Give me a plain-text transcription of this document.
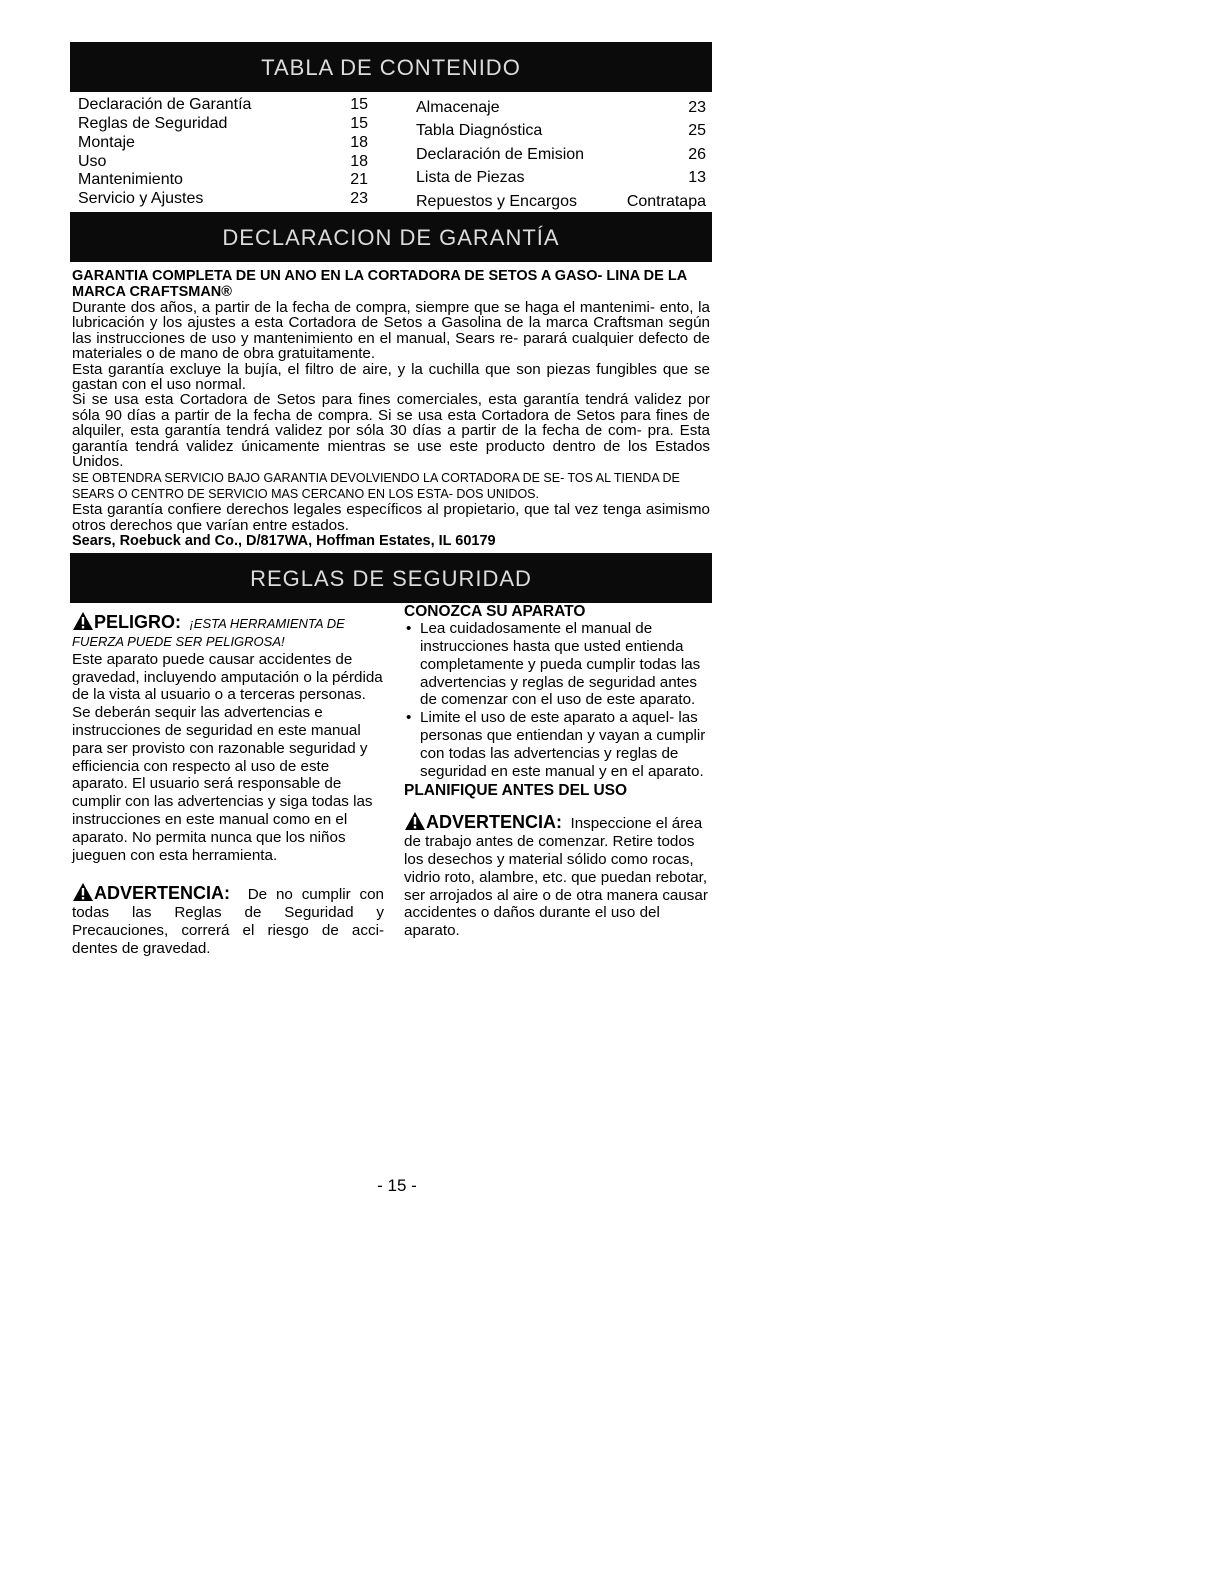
TABLA DE CONTENIDO
Declaración de Garantía	15
Reglas de Seguridad	15
Montaje	18
Uso	18
Mantenimiento	21
Servicio y Ajustes	23
Almacenaje	23
Tabla Diagnóstica	25
Declaración de Emision	26
Lista de Piezas	13
Repuestos y Encargos	Contratapa
DECLARACION DE GARANTÍA
GARANTIA COMPLETA DE UN ANO EN LA CORTADORA DE SETOS A GASO- LINA DE LA MARCA CRAFTSMAN®

Durante dos años, a partir de la fecha de compra, siempre que se haga el mantenimi- ento, la lubricación y los ajustes a esta Cortadora de Setos a Gasolina de la marca Craftsman según las instrucciones de uso y mantenimiento en el manual, Sears re- parará cualquier defecto de materiales o de mano de obra gratuitamente.

Esta garantía excluye la bujía, el filtro de aire, y la cuchilla que son piezas fungibles que se gastan con el uso normal.

Si se usa esta Cortadora de Setos para fines comerciales, esta garantía tendrá validez por sóla 90 días a partir de la fecha de compra. Si se usa esta Cortadora de Setos para fines de alquiler, esta garantía tendrá validez por sóla 30 días a partir de la fecha de com- pra. Esta garantía tendrá validez únicamente mientras se use este producto dentro de los Estados Unidos.

SE OBTENDRA SERVICIO BAJO GARANTIA DEVOLVIENDO LA CORTADORA DE SE- TOS AL TIENDA DE SEARS O CENTRO DE SERVICIO MAS CERCANO EN LOS ESTA- DOS UNIDOS.

Esta garantía confiere derechos legales específicos al propietario, que tal vez tenga asimismo otros derechos que varían entre estados.

Sears, Roebuck and Co., D/817WA, Hoffman Estates, IL 60179

REGLAS DE SEGURIDAD

PELIGRO: ¡ESTA HERRAMIENTA DE FUERZA PUEDE SER PELIGROSA!

Este aparato puede causar accidentes de gravedad, incluyendo amputación o la pérdida de la vista al usuario o a terceras personas. Se deberán sequir las advertencias e instrucciones de seguridad en este manual para ser provisto con razonable seguridad y efficiencia con respecto al uso de este aparato. El usuario será responsable de cumplir con las advertencias y siga todas las instrucciones en este manual como en el aparato. No permita nunca que los niños jueguen con esta herramienta.

ADVERTENCIA: De no cumplir con todas las Reglas de Seguridad y Precauciones, correrá el riesgo de acci- dentes de gravedad.

CONOZCA SU APARATO

• Lea cuidadosamente el manual de instrucciones hasta que usted entienda completamente y pueda cumplir todas las advertencias y reglas de seguridad antes de comenzar con el uso de este aparato.

• Limite el uso de este aparato a aquel- las personas que entiendan y vayan a cumplir con todas las advertencias y reglas de seguridad en este manual y en el aparato.

PLANIFIQUE ANTES DEL USO

ADVERTENCIA: Inspeccione el área de trabajo antes de comenzar. Retire todos los desechos y material sólido como rocas, vidrio roto, alambre, etc. que puedan rebotar, ser arrojados al aire o de otra manera causar accidentes o daños durante el uso del aparato.

- 15 -
